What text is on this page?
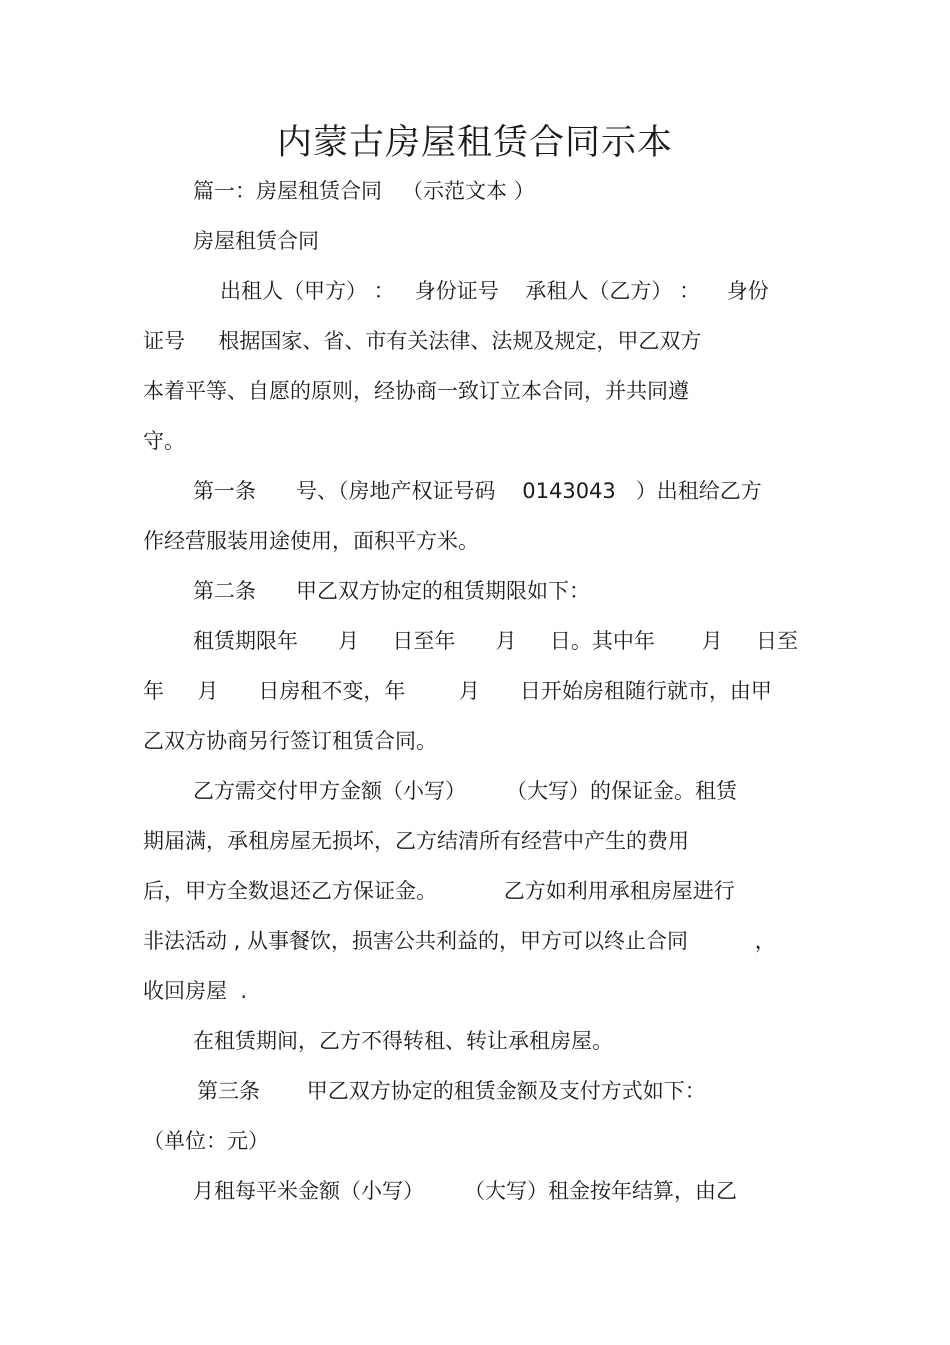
内蒙古房屋租赁合同示本

篇一：房屋租赁合同   （示范文本 ）

房屋租赁合同

出租人（甲方） ：   身份证号    承租人（乙方） ：    身份

证号     根据国家、省、市有关法律、法规及规定，甲乙双方

本着平等、自愿的原则，经协商一致订立本合同，并共同遵

守。

第一条      号、（房地产权证号码    0143043   ）出租给乙方

作经营服装用途使用，面积平方米。

第二条      甲乙双方协定的租赁期限如下：

租赁期限年      月     日至年      月     日。其中年       月     日至

年     月      日房租不变，年        月      日开始房租随行就市，由甲

乙双方协商另行签订租赁合同。

乙方需交付甲方金额（小写）      （大写）的保证金。租赁

期届满，承租房屋无损坏，乙方结清所有经营中产生的费用

后，甲方全数退还乙方保证金。          乙方如利用承租房屋进行

非法活动 , 从事餐饮，损害公共利益的，甲方可以终止合同          ，

收回房屋  .

在租赁期间，乙方不得转租、转让承租房屋。

第三条       甲乙双方协定的租赁金额及支付方式如下：

（单位：元）

月租每平米金额（小写）      （大写）租金按年结算，由乙
